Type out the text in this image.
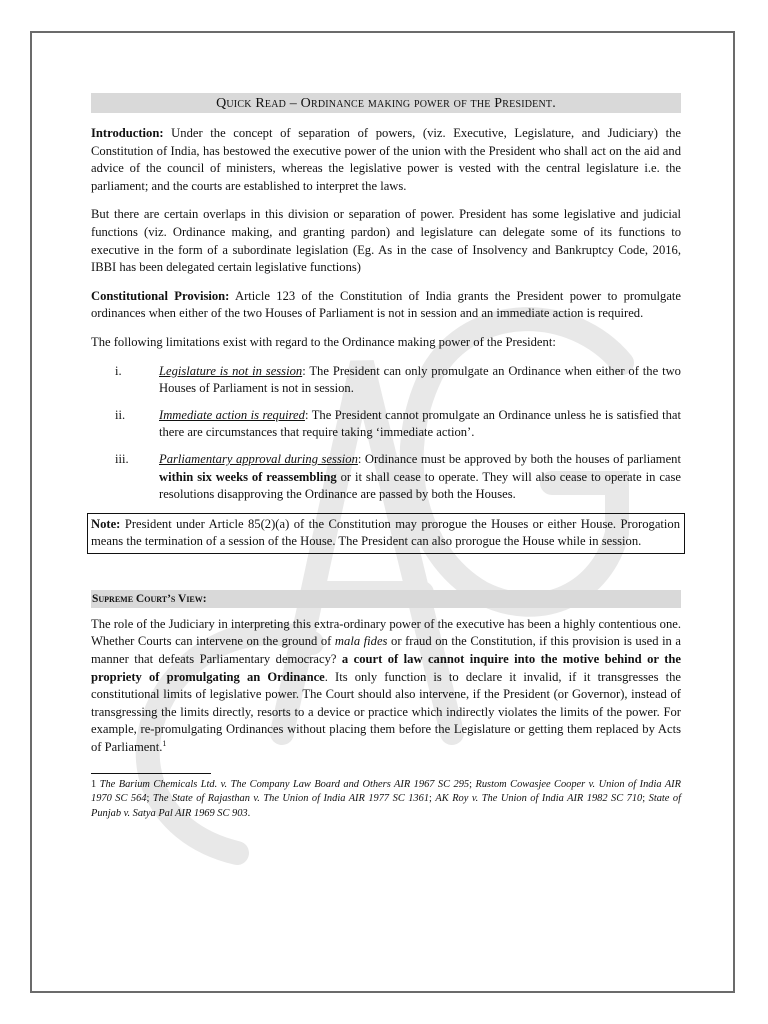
Quick Read – Ordinance making power of the President.

Introduction: Under the concept of separation of powers, (viz. Executive, Legislature, and Judiciary) the Constitution of India, has bestowed the executive power of the union with the President who shall act on the aid and advice of the council of ministers, whereas the legislative power is vested with the central legislature i.e. the parliament; and the courts are established to interpret the laws.

But there are certain overlaps in this division or separation of power. President has some legislative and judicial functions (viz. Ordinance making, and granting pardon) and legislature can delegate some of its functions to executive in the form of a subordinate legislation (Eg. As in the case of Insolvency and Bankruptcy Code, 2016, IBBI has been delegated certain legislative functions)

Constitutional Provision: Article 123 of the Constitution of India grants the President power to promulgate ordinances when either of the two Houses of Parliament is not in session and an immediate action is required.

The following limitations exist with regard to the Ordinance making power of the President:

i.	Legislature is not in session: The President can only promulgate an Ordinance when either of the two Houses of Parliament is not in session.
ii.	Immediate action is required: The President cannot promulgate an Ordinance unless he is satisfied that there are circumstances that require taking ‘immediate action’.
iii.	Parliamentary approval during session: Ordinance must be approved by both the houses of parliament within six weeks of reassembling or it shall cease to operate. They will also cease to operate in case resolutions disapproving the Ordinance are passed by both the Houses.
Note: President under Article 85(2)(a) of the Constitution may prorogue the Houses or either House. Prorogation means the termination of a session of the House. The President can also prorogue the House while in session.
Supreme Court’s View:

The role of the Judiciary in interpreting this extra-ordinary power of the executive has been a highly contentious one. Whether Courts can intervene on the ground of mala fides or fraud on the Constitution, if this provision is used in a manner that defeats Parliamentary democracy? a court of law cannot inquire into the motive behind or the propriety of promulgating an Ordinance. Its only function is to declare it invalid, if it transgresses the constitutional limits of legislative power. The Court should also intervene, if the President (or Governor), instead of transgressing the limits directly, resorts to a device or practice which indirectly violates the limits of the power. For example, re-promulgating Ordinances without placing them before the Legislature or getting them replaced by Acts of Parliament.$^1$

1 The Barium Chemicals Ltd. v. The Company Law Board and Others AIR 1967 SC 295; Rustom Cowasjee Cooper v. Union of India AIR 1970 SC 564; The State of Rajasthan v. The Union of India AIR 1977 SC 1361; AK Roy v. The Union of India AIR 1982 SC 710; State of Punjab v. Satya Pal AIR 1969 SC 903.
